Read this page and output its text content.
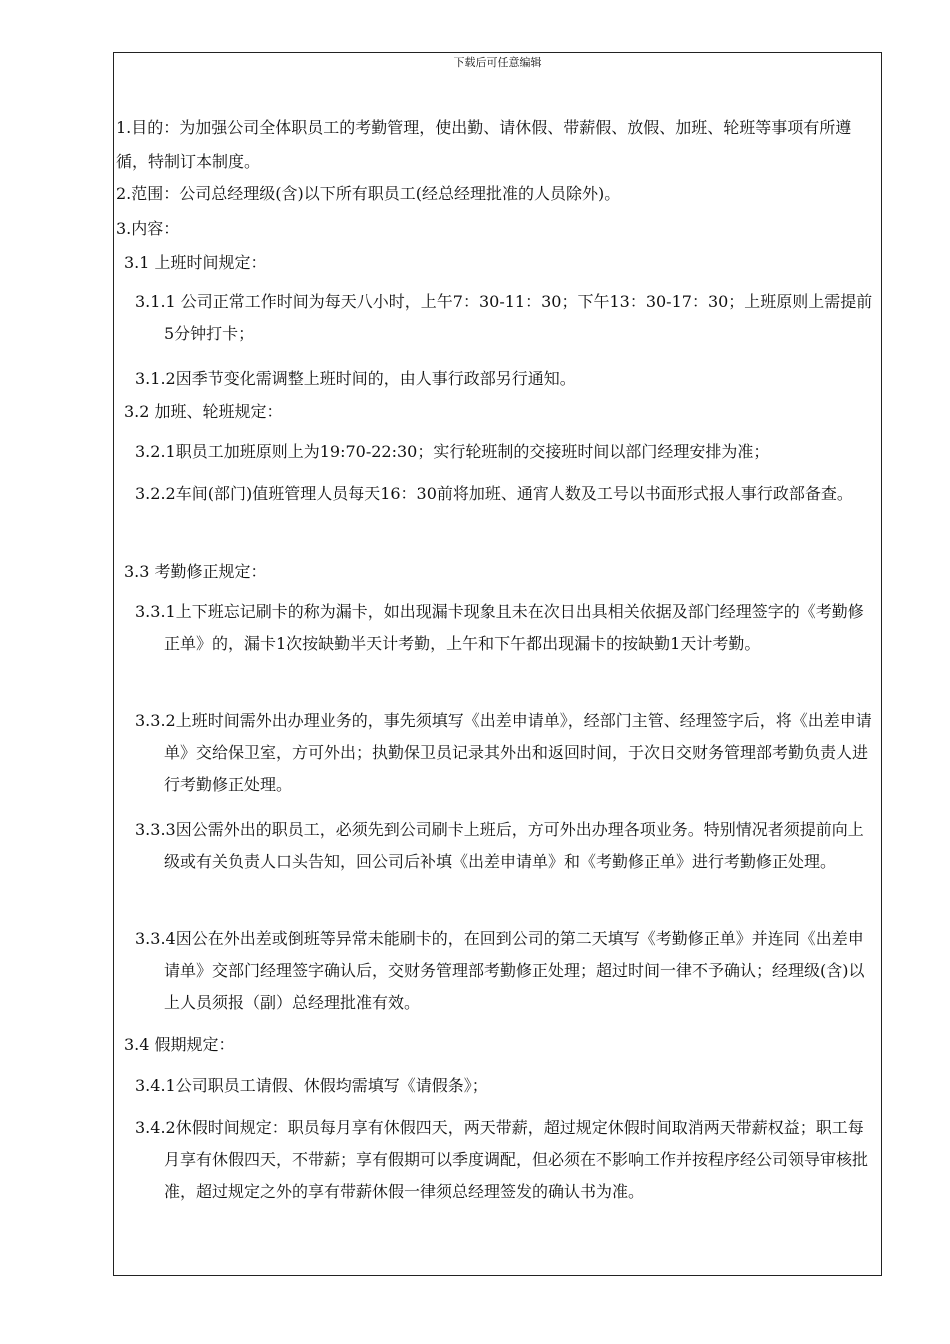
下载后可任意编辑

1.目的：为加强公司全体职员工的考勤管理，使出勤、请休假、带薪假、放假、加班、轮班等事项有所遵循，特制订本制度。

2.范围：公司总经理级(含)以下所有职员工(经总经理批准的人员除外)。

3.内容：

3.1 上班时间规定：

3.1.1 公司正常工作时间为每天八小时，上午7：30-11：30；下午13：30-17：30；上班原则上需提前5分钟打卡；

3.1.2因季节变化需调整上班时间的，由人事行政部另行通知。

3.2 加班、轮班规定：

3.2.1职员工加班原则上为19:70-22:30；实行轮班制的交接班时间以部门经理安排为准；

3.2.2车间(部门)值班管理人员每天16：30前将加班、通宵人数及工号以书面形式报人事行政部备查。

3.3 考勤修正规定：

3.3.1上下班忘记刷卡的称为漏卡，如出现漏卡现象且未在次日出具相关依据及部门经理签字的《考勤修正单》的，漏卡1次按缺勤半天计考勤，上午和下午都出现漏卡的按缺勤1天计考勤。

3.3.2上班时间需外出办理业务的，事先须填写《出差申请单》，经部门主管、经理签字后，将《出差申请单》交给保卫室，方可外出；执勤保卫员记录其外出和返回时间，于次日交财务管理部考勤负责人进行考勤修正处理。

3.3.3因公需外出的职员工，必须先到公司刷卡上班后，方可外出办理各项业务。特别情况者须提前向上级或有关负责人口头告知，回公司后补填《出差申请单》和《考勤修正单》进行考勤修正处理。

3.3.4因公在外出差或倒班等异常未能刷卡的，在回到公司的第二天填写《考勤修正单》并连同《出差申请单》交部门经理签字确认后，交财务管理部考勤修正处理；超过时间一律不予确认；经理级(含)以上人员须报（副）总经理批准有效。

3.4 假期规定：

3.4.1公司职员工请假、休假均需填写《请假条》；

3.4.2休假时间规定：职员每月享有休假四天，两天带薪，超过规定休假时间取消两天带薪权益；职工每月享有休假四天，不带薪；享有假期可以季度调配，但必须在不影响工作并按程序经公司领导审核批准，超过规定之外的享有带薪休假一律须总经理签发的确认书为准。
